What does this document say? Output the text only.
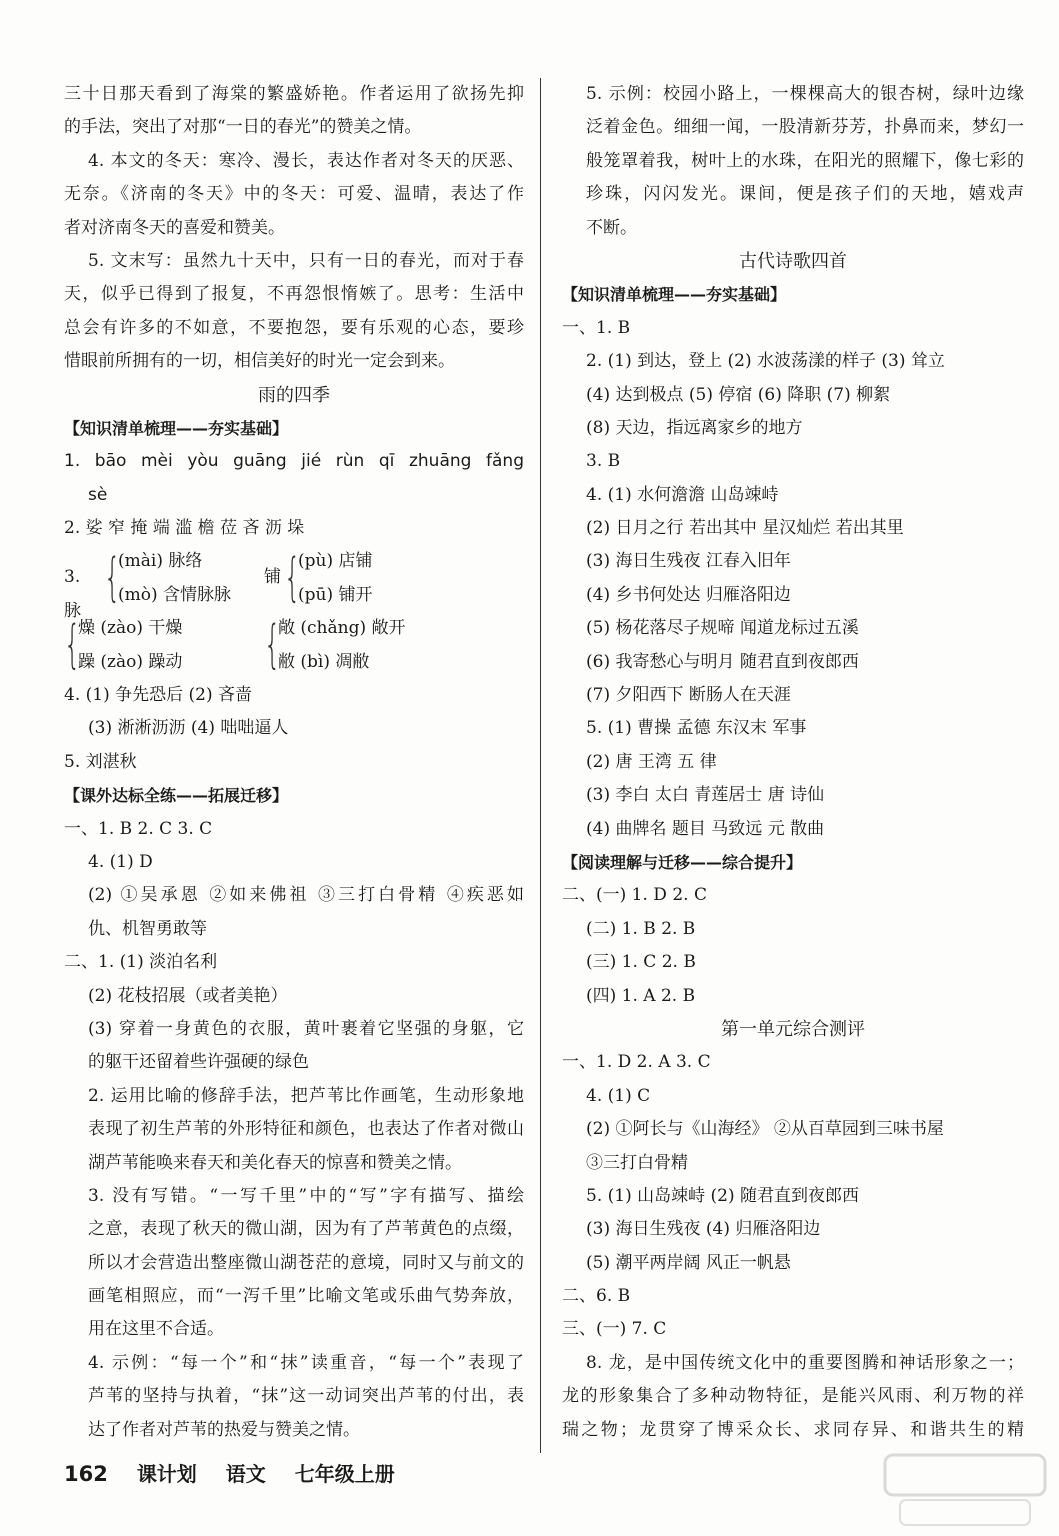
三十日那天看到了海棠的繁盛娇艳。作者运用了欲扬先抑
的手法，突出了对那“一日的春光”的赞美之情。
4. 本文的冬天：寒冷、漫长，表达作者对冬天的厌恶、
无奈。《济南的冬天》中的冬天：可爱、温晴，表达了作
者对济南冬天的喜爱和赞美。
5. 文末写：虽然九十天中，只有一日的春光，而对于春
天，似乎已得到了报复，不再怨恨惰嫉了。思考：生活中
总会有许多的不如意，不要抱怨，要有乐观的心态，要珍
惜眼前所拥有的一切，相信美好的时光一定会到来。
雨的四季
【知识清单梳理——夯实基础】
1. bāo mèi yòu guāng jié rùn qī zhuāng fǎng
sè
2. 娑 窄 掩 端 滥 檐 莅 吝 沥 垛
3. 脉
{
(mài) 脉络
(mò) 含情脉脉
铺 {
(pù) 店铺
(pū) 铺开
{
燥 (zào) 干燥
躁 (zào) 躁动 {
敞 (chǎng) 敞开
敝 (bì) 凋敝
4. (1) 争先恐后 (2) 吝啬
(3) 淅淅沥沥 (4) 咄咄逼人
5. 刘湛秋
【课外达标全练——拓展迁移】
一、1. B 2. C 3. C
4. (1) D
(2) ①吴承恩 ②如来佛祖 ③三打白骨精 ④疾恶如
仇、机智勇敢等
二、1. (1) 淡泊名利
(2) 花枝招展（或者美艳）
(3) 穿着一身黄色的衣服，黄叶裹着它坚强的身躯，它
的躯干还留着些许强硬的绿色
2. 运用比喻的修辞手法，把芦苇比作画笔，生动形象地
表现了初生芦苇的外形特征和颜色，也表达了作者对微山
湖芦苇能唤来春天和美化春天的惊喜和赞美之情。
3. 没有写错。“一写千里”中的“写”字有描写、描绘
之意，表现了秋天的微山湖，因为有了芦苇黄色的点缀，
所以才会营造出整座微山湖苍茫的意境，同时又与前文的
画笔相照应，而“一泻千里”比喻文笔或乐曲气势奔放，
用在这里不合适。
4. 示例：“每一个”和“抹”读重音，“每一个”表现了
芦苇的坚持与执着，“抹”这一动词突出芦苇的付出，表
达了作者对芦苇的热爱与赞美之情。
5. 示例：校园小路上，一棵棵高大的银杏树，绿叶边缘
泛着金色。细细一闻，一股清新芬芳，扑鼻而来，梦幻一
般笼罩着我，树叶上的水珠，在阳光的照耀下，像七彩的
珍珠，闪闪发光。课间，便是孩子们的天地，嬉戏声
不断。
古代诗歌四首
【知识清单梳理——夯实基础】
一、1. B
2. (1) 到达，登上 (2) 水波荡漾的样子 (3) 耸立
(4) 达到极点 (5) 停宿 (6) 降职 (7) 柳絮
(8) 天边，指远离家乡的地方
3. B
4. (1) 水何澹澹 山岛竦峙
(2) 日月之行 若出其中 星汉灿烂 若出其里
(3) 海日生残夜 江春入旧年
(4) 乡书何处达 归雁洛阳边
(5) 杨花落尽子规啼 闻道龙标过五溪
(6) 我寄愁心与明月 随君直到夜郎西
(7) 夕阳西下 断肠人在天涯
5. (1) 曹操 孟德 东汉末 军事
(2) 唐 王湾 五 律
(3) 李白 太白 青莲居士 唐 诗仙
(4) 曲牌名 题目 马致远 元 散曲
【阅读理解与迁移——综合提升】
二、(一) 1. D 2. C
(二) 1. B 2. B
(三) 1. C 2. B
(四) 1. A 2. B
第一单元综合测评
一、1. D 2. A 3. C
4. (1) C
(2) ①阿长与《山海经》 ②从百草园到三味书屋
③三打白骨精
5. (1) 山岛竦峙 (2) 随君直到夜郎西
(3) 海日生残夜 (4) 归雁洛阳边
(5) 潮平两岸阔 风正一帆悬
二、6. B
三、(一) 7. C
8. 龙，是中国传统文化中的重要图腾和神话形象之一；
龙的形象集合了多种动物特征，是能兴风雨、利万物的祥
瑞之物；龙贯穿了博采众长、求同存异、和谐共生的精
162 课计划 语文 七年级上册
